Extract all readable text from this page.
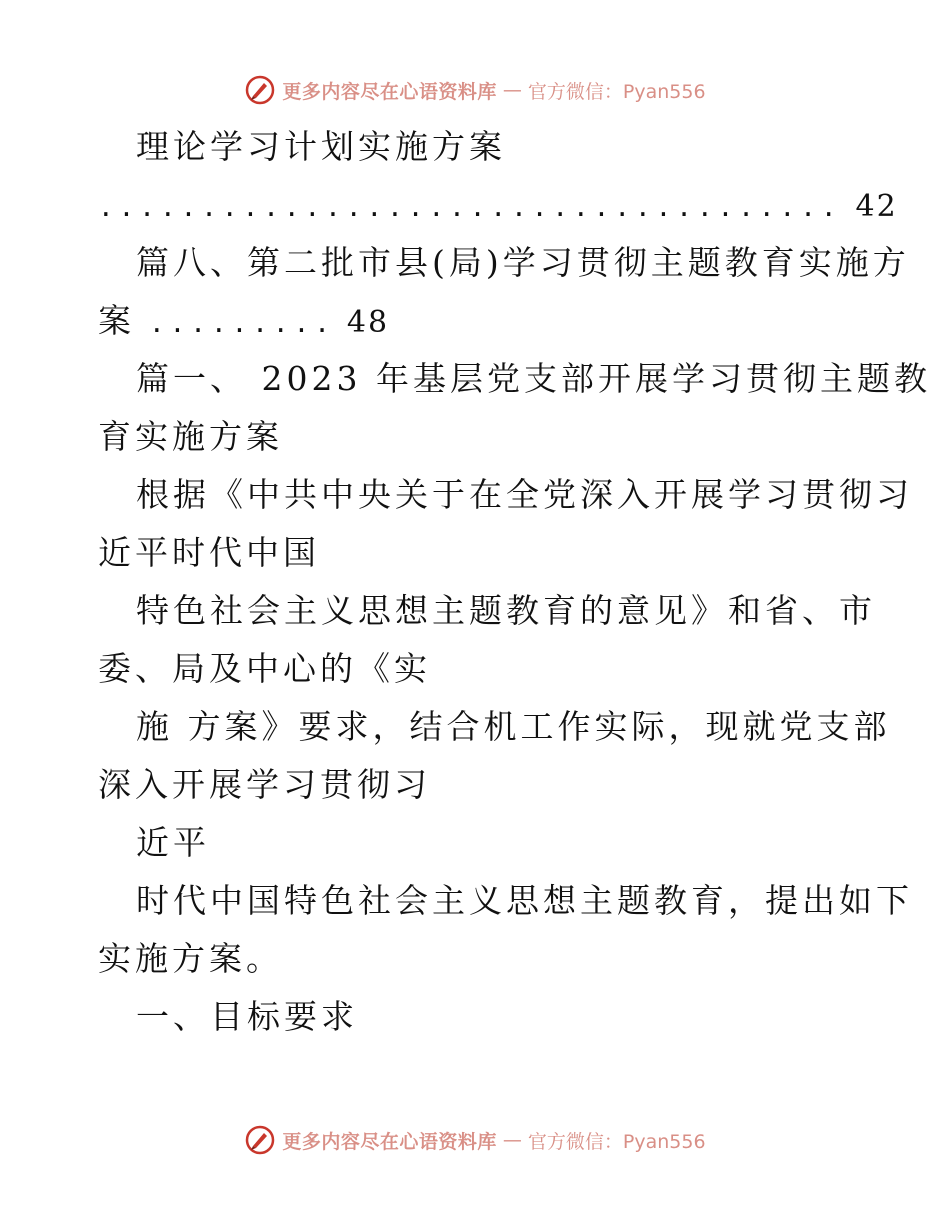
更多内容尽在心语资料库 — 官方微信：Pyan556
理论学习计划实施方案
.................................... 42
篇八、第二批市县(局)学习贯彻主题教育实施方
案 ......... 48
篇一、 2023 年基层党支部开展学习贯彻主题教
育实施方案
根据《中共中央关于在全党深入开展学习贯彻习
近平时代中国
特色社会主义思想主题教育的意见》和省、市
委、局及中心的《实
施 方案》要求，结合机工作实际，现就党支部
深入开展学习贯彻习
近平
时代中国特色社会主义思想主题教育，提出如下
实施方案。
一、目标要求
更多内容尽在心语资料库 — 官方微信：Pyan556
